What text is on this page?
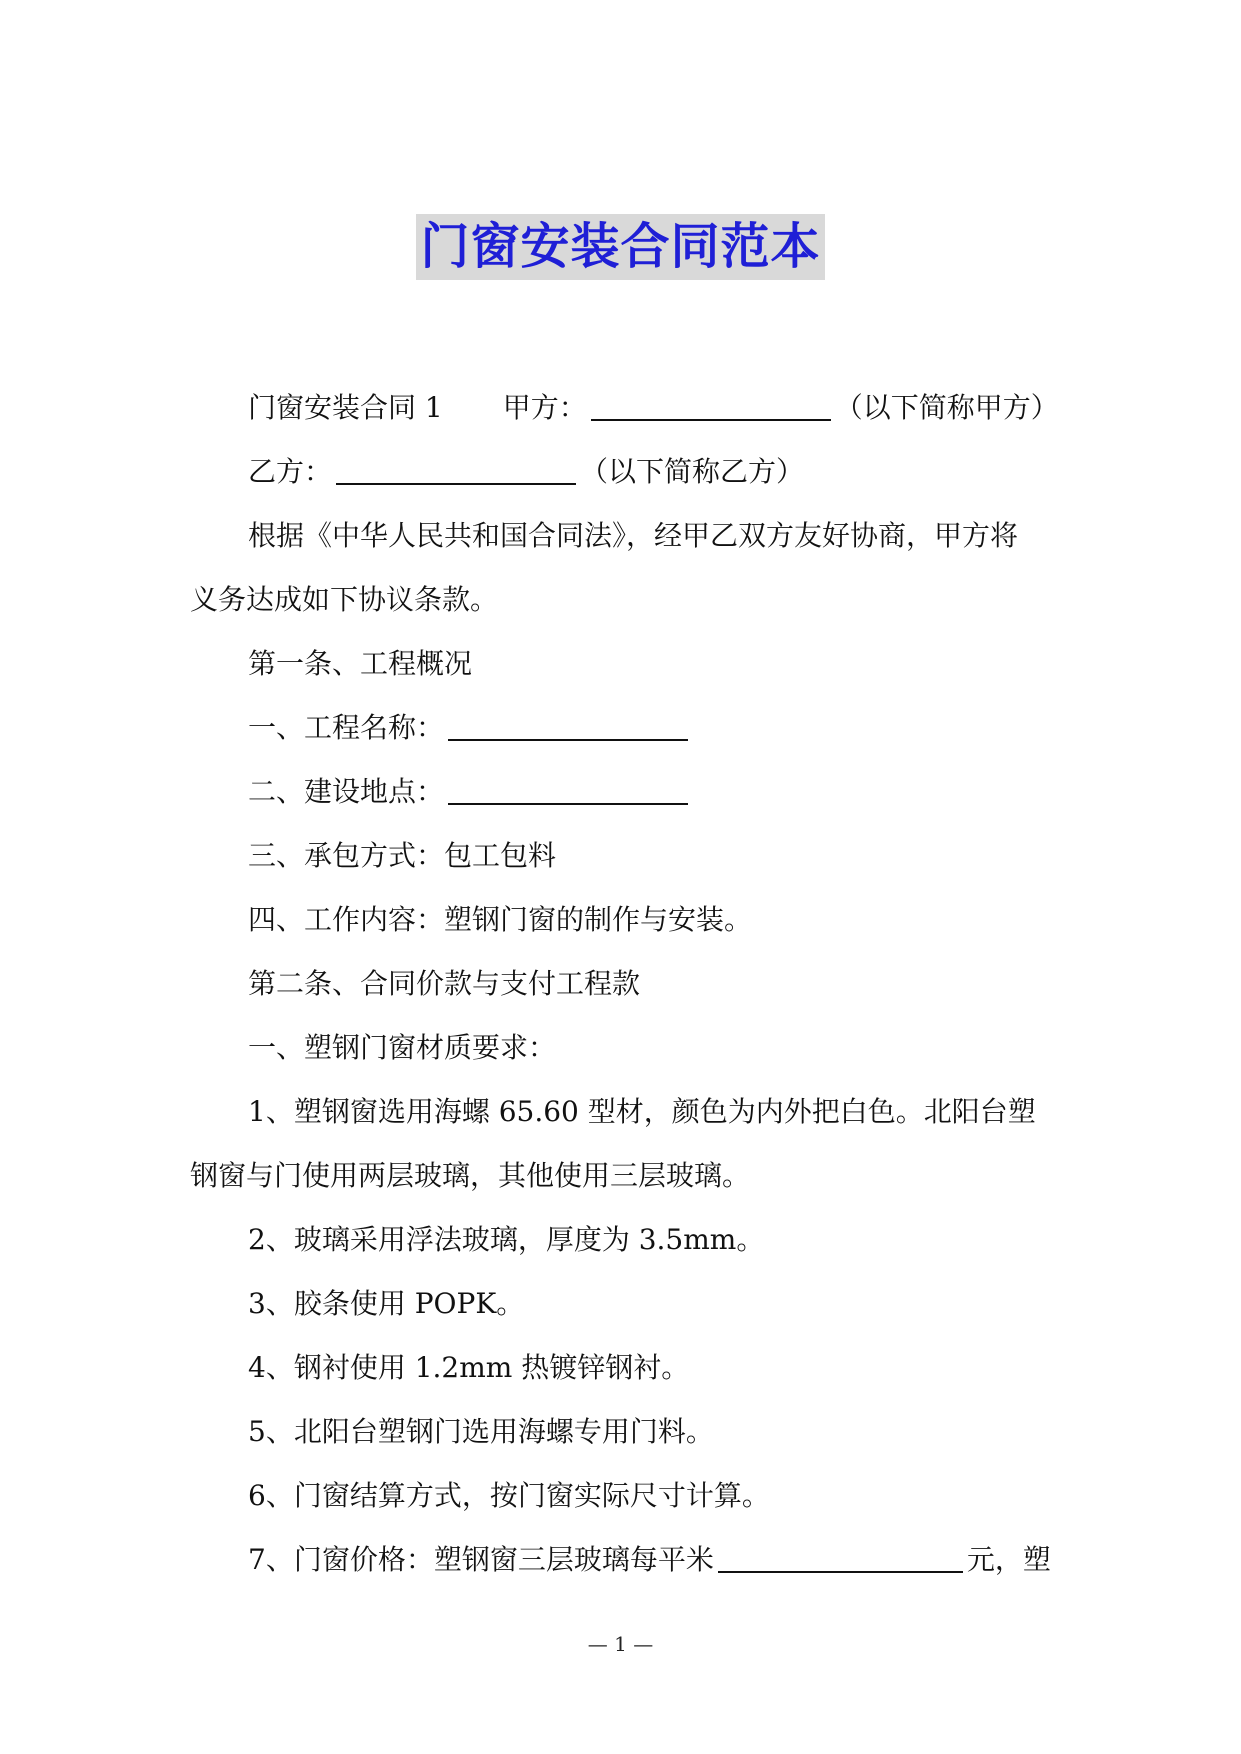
门窗安装合同范本
门窗安装合同 1 甲方：	（以下简称甲方）
乙方：	（以下简称乙方）
根据《中华人民共和国合同法》，经甲乙双方友好协商，甲方将
义务达成如下协议条款。
第一条、工程概况
一、工程名称：
二、建设地点：
三、承包方式：包工包料
四、工作内容：塑钢门窗的制作与安装。
第二条、合同价款与支付工程款
一、塑钢门窗材质要求：
1、塑钢窗选用海螺 65.60 型材，颜色为内外把白色。北阳台塑
钢窗与门使用两层玻璃，其他使用三层玻璃。
2、玻璃采用浮法玻璃，厚度为 3.5mm。
3、胶条使用 POPK。
4、钢衬使用 1.2mm 热镀锌钢衬。
5、北阳台塑钢门选用海螺专用门料。
6、门窗结算方式，按门窗实际尺寸计算。
7、门窗价格：塑钢窗三层玻璃每平米	元，塑
— 1 —
